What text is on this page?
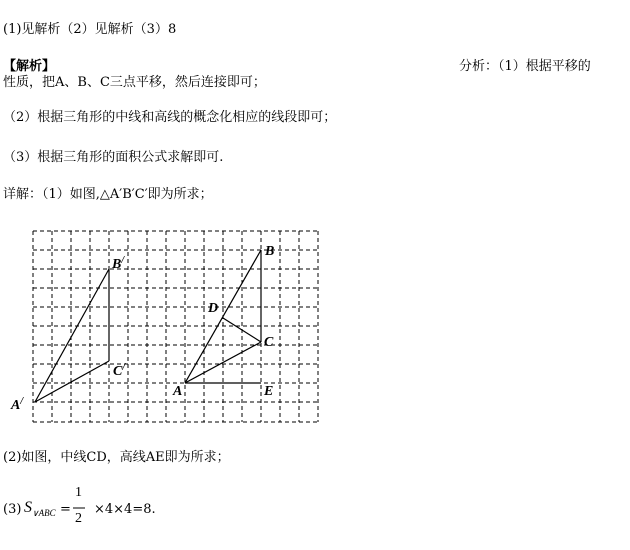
(1)见解析（2）见解析（3）8
【解析】	分析：（1）根据平移的
性质，把A、B、C三点平移，然后连接即可；
（2）根据三角形的中线和高线的概念化相应的线段即可；
（3）根据三角形的面积公式求解即可.
详解：（1）如图,△A′B′C′即为所求；
B/
C/
A/
B
D
C
A	E
(2)如图，中线CD，高线AE即为所求；
(3) $S_{\vee ABC}$ =
1
2
×4×4=8.
